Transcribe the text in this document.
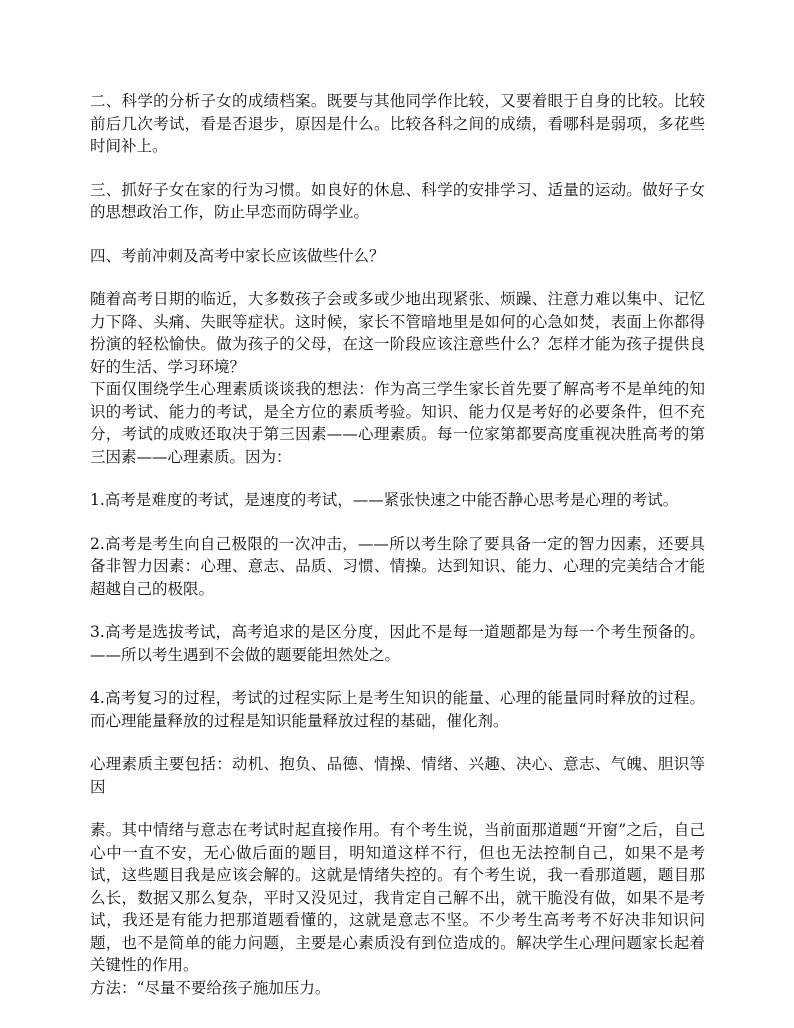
二、科学的分析子女的成绩档案。既要与其他同学作比较，又要着眼于自身的比较。比较前后几次考试，看是否退步，原因是什么。比较各科之间的成绩，看哪科是弱项，多花些时间补上。

三、抓好子女在家的行为习惯。如良好的休息、科学的安排学习、适量的运动。做好子女的思想政治工作，防止早恋而防碍学业。

四、考前冲刺及高考中家长应该做些什么？

随着高考日期的临近，大多数孩子会或多或少地出现紧张、烦躁、注意力难以集中、记忆力下降、头痛、失眠等症状。这时候，家长不管暗地里是如何的心急如焚，表面上你都得扮演的轻松愉快。做为孩子的父母，在这一阶段应该注意些什么？怎样才能为孩子提供良好的生活、学习环境？

下面仅围绕学生心理素质谈谈我的想法：作为高三学生家长首先要了解高考不是单纯的知识的考试、能力的考试，是全方位的素质考验。知识、能力仅是考好的必要条件，但不充分，考试的成败还取决于第三因素——心理素质。每一位家第都要高度重视决胜高考的第三因素——心理素质。因为：

1.高考是难度的考试，是速度的考试，——紧张快速之中能否静心思考是心理的考试。

2.高考是考生向自己极限的一次冲击，——所以考生除了要具备一定的智力因素，还要具备非智力因素：心理、意志、品质、习惯、情操。达到知识、能力、心理的完美结合才能超越自己的极限。

3.高考是选拔考试，高考追求的是区分度，因此不是每一道题都是为每一个考生预备的。——所以考生遇到不会做的题要能坦然处之。

4.高考复习的过程，考试的过程实际上是考生知识的能量、心理的能量同时释放的过程。而心理能量释放的过程是知识能量释放过程的基础，催化剂。

心理素质主要包括：动机、抱负、品德、情操、情绪、兴趣、决心、意志、气魄、胆识等因

素。其中情绪与意志在考试时起直接作用。有个考生说，当前面那道题“开窗”之后，自己心中一直不安，无心做后面的题目，明知道这样不行，但也无法控制自己，如果不是考试，这些题目我是应该会解的。这就是情绪失控的。有个考生说，我一看那道题，题目那么长，数据又那么复杂，平时又没见过，我肯定自己解不出，就干脆没有做，如果不是考试，我还是有能力把那道题看懂的，这就是意志不坚。不少考生高考考不好决非知识问题，也不是简单的能力问题，主要是心素质没有到位造成的。解决学生心理问题家长起着关键性的作用。

方法：“尽量不要给孩子施加压力。
